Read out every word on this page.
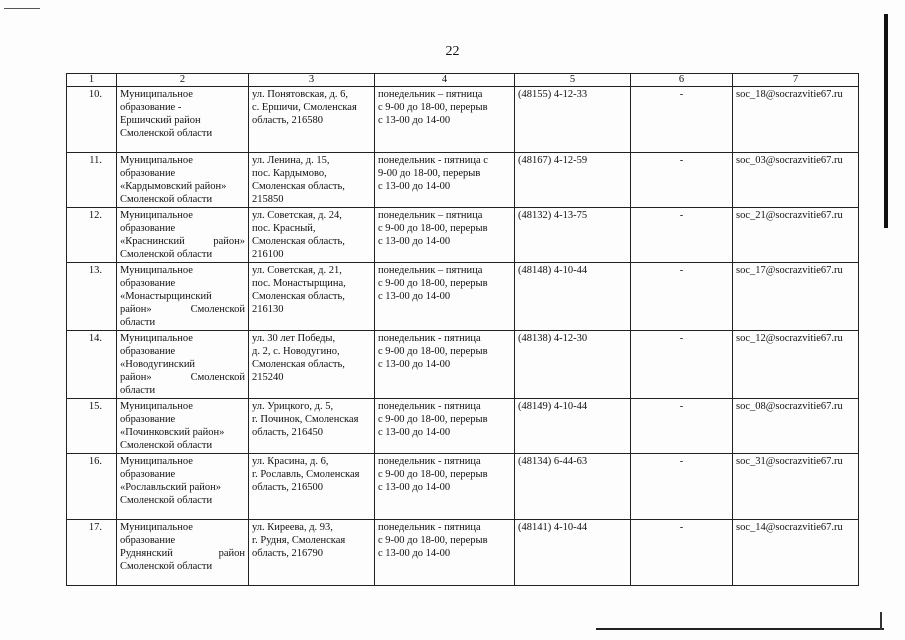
22
1	2	3	4	5	6	7

10.	Муниципальное
образование -
Ершичский район
Смоленской области	ул. Понятовская, д. 6,
с. Ершичи, Смоленская
область, 216580	понедельник – пятница
с 9-00 до 18-00, перерыв
с 13-00 до 14-00	(48155) 4-12-33	-	soc_18@socrazvitie67.ru

11.	Муниципальное
образование
«Кардымовский район»
Смоленской области	ул. Ленина, д. 15,
пос. Кардымово,
Смоленская область,
215850	понедельник - пятница с
9-00 до 18-00, перерыв
с 13-00 до 14-00	(48167) 4-12-59	-	soc_03@socrazvitie67.ru

12.	Муниципальное
образование
«Краснинский район»
Смоленской области	ул. Советская, д. 24,
пос. Красный,
Смоленская область,
216100	понедельник – пятница
с 9-00 до 18-00, перерыв
с 13-00 до 14-00	(48132) 4-13-75	-	soc_21@socrazvitie67.ru

13.	Муниципальное
образование
«Монастырщинский
район» Смоленской
области	ул. Советская, д. 21,
пос. Монастырщина,
Смоленская область,
216130	понедельник – пятница
с 9-00 до 18-00, перерыв
с 13-00 до 14-00	(48148) 4-10-44	-	soc_17@socrazvitie67.ru

14.	Муниципальное
образование
«Новодугинский
район» Смоленской
области	ул. 30 лет Победы,
д. 2, с. Новодугино,
Смоленская область,
215240	понедельник - пятница
с 9-00 до 18-00, перерыв
с 13-00 до 14-00	(48138) 4-12-30	-	soc_12@socrazvitie67.ru

15.	Муниципальное
образование
«Починковский район»
Смоленской области	ул. Урицкого, д. 5,
г. Починок, Смоленская
область, 216450	понедельник - пятница
с 9-00 до 18-00, перерыв
с 13-00 до 14-00	(48149) 4-10-44	-	soc_08@socrazvitie67.ru

16.	Муниципальное
образование
«Рославльский район»
Смоленской области	ул. Красина, д. 6,
г. Рославль, Смоленская
область, 216500	понедельник - пятница
с 9-00 до 18-00, перерыв
с 13-00 до 14-00	(48134) 6-44-63	-	soc_31@socrazvitie67.ru

17.	Муниципальное
образование
Руднянский район
Смоленской области	ул. Киреева, д. 93,
г. Рудня, Смоленская
область, 216790	понедельник - пятница
с 9-00 до 18-00, перерыв
с 13-00 до 14-00	(48141) 4-10-44	-	soc_14@socrazvitie67.ru
